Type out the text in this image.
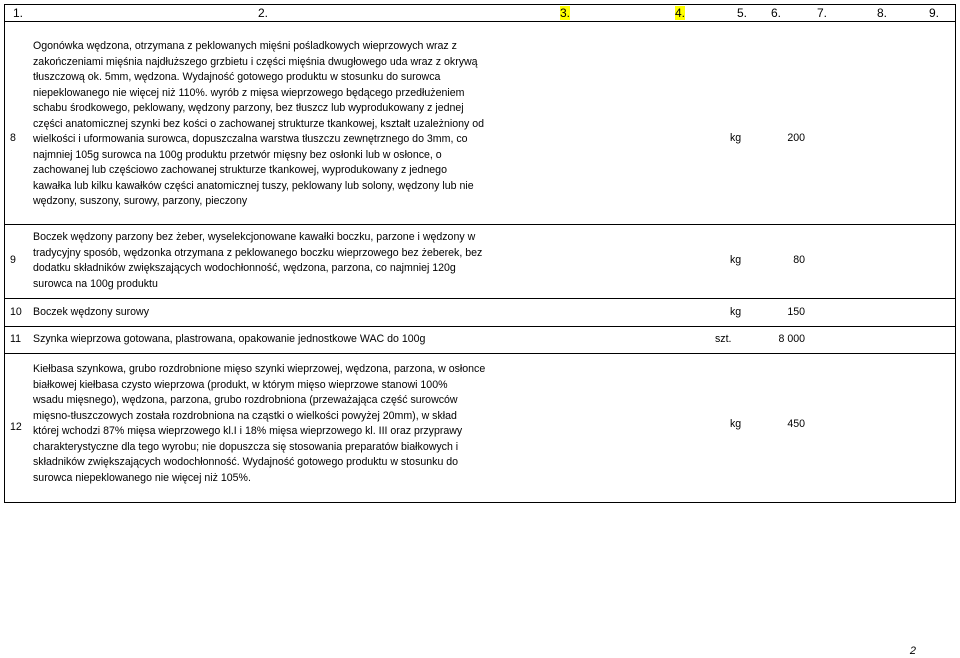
1.	2.	3.	4.	5. 6.	7.	8.	9.
8
Ogonówka wędzona, otrzymana z peklowanych mięśni pośladkowych wieprzowych wraz z
zakończeniami mięśnia najdłuższego grzbietu i części mięśnia dwugłowego uda wraz z okrywą
tłuszczową ok. 5mm, wędzona. Wydajność gotowego produktu w stosunku do surowca
niepeklowanego nie więcej niż 110%. wyrób z mięsa wieprzowego będącego przedłużeniem
schabu środkowego, peklowany, wędzony parzony, bez tłuszcz lub wyprodukowany z jednej
części anatomicznej szynki bez kości o zachowanej strukturze tkankowej, kształt uzależniony od
wielkości i uformowania surowca, dopuszczalna warstwa tłuszczu zewnętrznego do 3mm, co
najmniej 105g surowca na 100g produktu przetwór mięsny bez osłonki lub w osłonce, o
zachowanej lub częściowo zachowanej strukturze tkankowej, wyprodukowany z jednego
kawałka lub kilku kawałków części anatomicznej tuszy, peklowany lub solony, wędzony lub nie
wędzony, suszony, surowy, parzony, pieczony
kg	200
9
Boczek wędzony parzony bez żeber, wyselekcjonowane kawałki boczku, parzone i wędzony w
tradycyjny sposób, wędzonka otrzymana z peklowanego boczku wieprzowego bez żeberek, bez
dodatku składników zwiększających wodochłonność, wędzona, parzona, co najmniej 120g
surowca na 100g produktu
kg	80
10 Boczek wędzony surowy	kg	150
11 Szynka wieprzowa gotowana, plastrowana, opakowanie jednostkowe WAC do 100g	szt.	8 000
12
Kiełbasa szynkowa, grubo rozdrobnione mięso szynki wieprzowej, wędzona, parzona, w osłonce
białkowej kiełbasa czysto wieprzowa (produkt, w którym mięso wieprzowe stanowi 100%
wsadu mięsnego), wędzona, parzona, grubo rozdrobniona (przeważająca część surowców
mięsno-tłuszczowych została rozdrobniona na cząstki o wielkości powyżej 20mm), w skład
której wchodzi 87% mięsa wieprzowego kl.I i 18% mięsa wieprzowego kl. III oraz przyprawy
charakterystyczne dla tego wyrobu; nie dopuszcza się stosowania preparatów białkowych i
składników zwiększających wodochłonność. Wydajność gotowego produktu w stosunku do
surowca niepeklowanego nie więcej niż 105%.
kg	450
2
